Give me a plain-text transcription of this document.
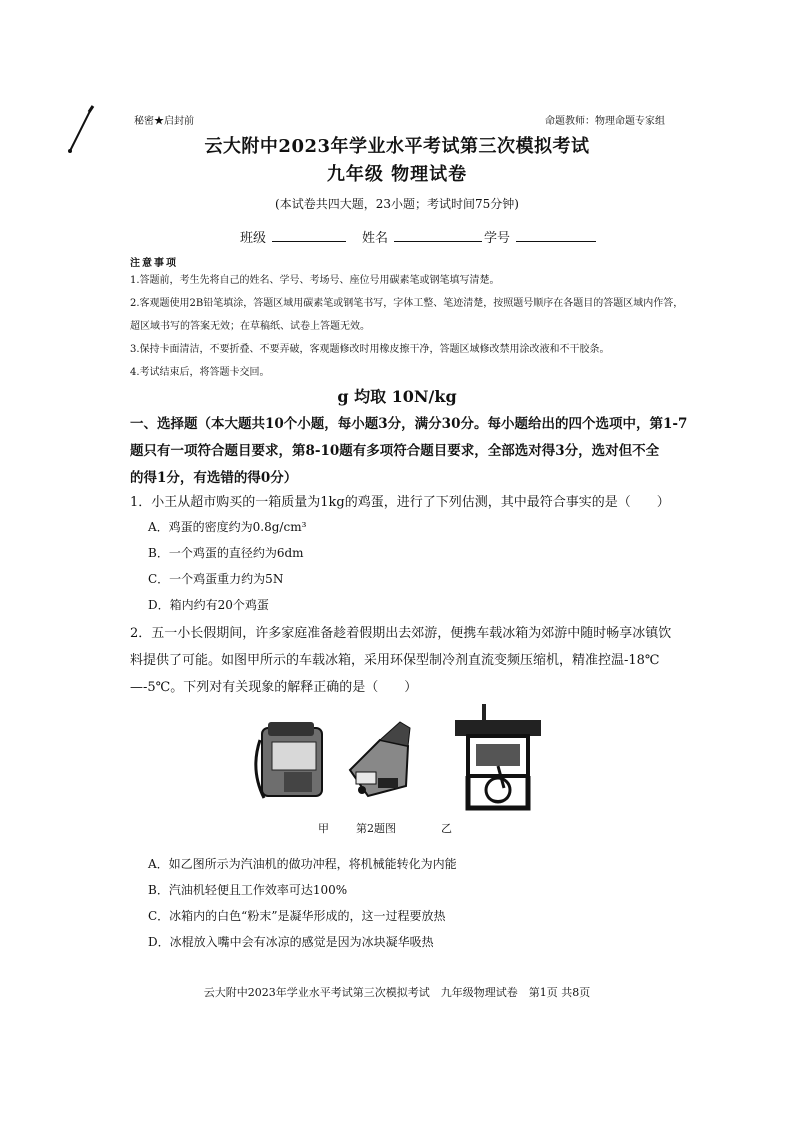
秘密★启封前	命题教师：物理命题专家组
云大附中2023年学业水平考试第三次模拟考试
九年级 物理试卷
(本试卷共四大题，23小题；考试时间75分钟)
班级	姓名	学号
注意事项
1.答题前，考生先将自己的姓名、学号、考场号、座位号用碳素笔或钢笔填写清楚。
2.客观题使用2B铅笔填涂，答题区域用碳素笔或钢笔书写，字体工整、笔迹清楚，按照题号顺序在各题目的答题区域内作答，
超区域书写的答案无效；在草稿纸、试卷上答题无效。
3.保持卡面清洁，不要折叠、不要弄破，客观题修改时用橡皮擦干净，答题区域修改禁用涂改液和不干胶条。
4.考试结束后，将答题卡交回。
g 均取 10N/kg
一、选择题（本大题共10个小题，每小题3分，满分30分。每小题给出的四个选项中，第1-7
题只有一项符合题目要求，第8-10题有多项符合题目要求，全部选对得3分，选对但不全
的得1分，有选错的得0分）
1．小王从超市购买的一箱质量为1kg的鸡蛋，进行了下列估测，其中最符合事实的是（　　）
A．鸡蛋的密度约为0.8g/cm³
B．一个鸡蛋的直径约为6dm
C．一个鸡蛋重力约为5N
D．箱内约有20个鸡蛋
2．五一小长假期间，许多家庭准备趁着假期出去郊游，便携车载冰箱为郊游中随时畅享冰镇饮
料提供了可能。如图甲所示的车载冰箱，采用环保型制冷剂直流变频压缩机，精准控温-18℃
—-5℃。下列对有关现象的解释正确的是（　　）
甲 第2题图	乙
A．如乙图所示为汽油机的做功冲程，将机械能转化为内能
B．汽油机轻便且工作效率可达100%
C．冰箱内的白色“粉末”是凝华形成的，这一过程要放热
D．冰棍放入嘴中会有冰凉的感觉是因为冰块凝华吸热
云大附中2023年学业水平考试第三次模拟考试　九年级物理试卷　第1页 共8页
